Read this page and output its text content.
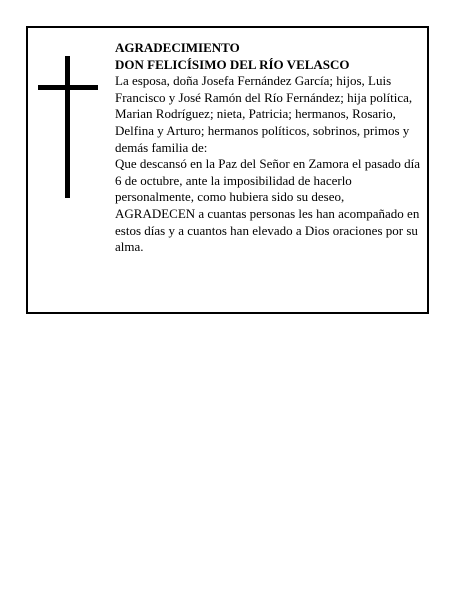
AGRADECIMIENTO

DON FELICÍSIMO DEL RÍO VELASCO

La esposa, doña Josefa Fernández García; hijos, Luis Francisco y José Ramón del Río Fernández; hija política, Marian Rodríguez; nieta, Patricia; hermanos, Rosario, Delfina y Arturo; hermanos políticos, sobrinos, primos y demás familia de:

Que descansó en la Paz del Señor en Zamora el pasado día 6 de octubre, ante la imposibilidad de hacerlo personalmente, como hubiera sido su deseo, AGRADECEN a cuantas personas les han acompañado en estos días y a cuantos han elevado a Dios oraciones por su alma.
